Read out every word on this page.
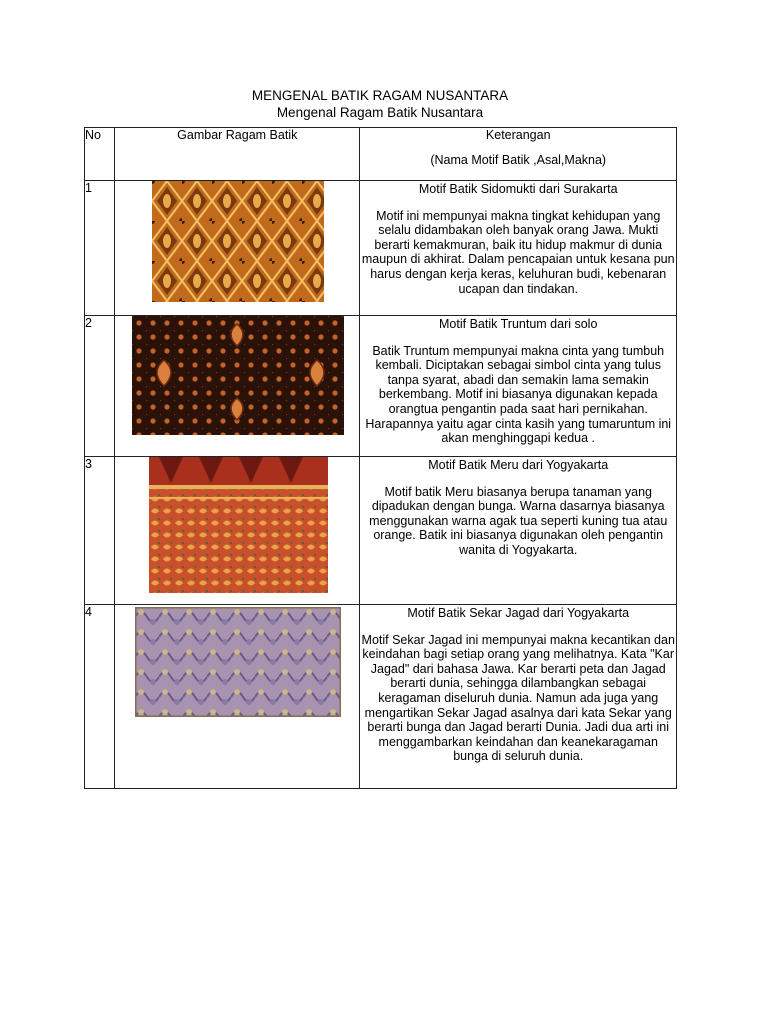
MENGENAL BATIK RAGAM NUSANTARA
Mengenal Ragam Batik Nusantara
No	Gambar Ragam Batik	Keterangan
(Nama Motif Batik ,Asal,Makna)

1		Motif Batik Sidomukti dari Surakarta
Motif ini mempunyai makna tingkat kehidupan yang selalu didambakan oleh banyak orang Jawa. Mukti berarti kemakmuran, baik itu hidup makmur di dunia maupun di akhirat. Dalam pencapaian untuk kesana pun harus dengan kerja keras, keluhuran budi, kebenaran ucapan dan tindakan.

2		Motif Batik Truntum dari solo
Batik Truntum mempunyai makna cinta yang tumbuh kembali. Diciptakan sebagai simbol cinta yang tulus tanpa syarat, abadi dan semakin lama semakin berkembang. Motif ini biasanya digunakan kepada orangtua pengantin pada saat hari pernikahan. Harapannya yaitu agar cinta kasih yang tumaruntum ini akan menghinggapi kedua .

3		Motif Batik Meru dari Yogyakarta
Motif batik Meru biasanya berupa tanaman yang dipadukan dengan bunga. Warna dasarnya biasanya menggunakan warna agak tua seperti kuning tua atau orange. Batik ini biasanya digunakan oleh pengantin wanita di Yogyakarta.

4		Motif Batik Sekar Jagad dari Yogyakarta
Motif Sekar Jagad ini mempunyai makna kecantikan dan keindahan bagi setiap orang yang melihatnya. Kata "Kar Jagad" dari bahasa Jawa. Kar berarti peta dan Jagad berarti dunia, sehingga dilambangkan sebagai keragaman diseluruh dunia. Namun ada juga yang mengartikan Sekar Jagad asalnya dari kata Sekar yang berarti bunga dan Jagad berarti Dunia. Jadi dua arti ini menggambarkan keindahan dan keanekaragaman bunga di seluruh dunia.
